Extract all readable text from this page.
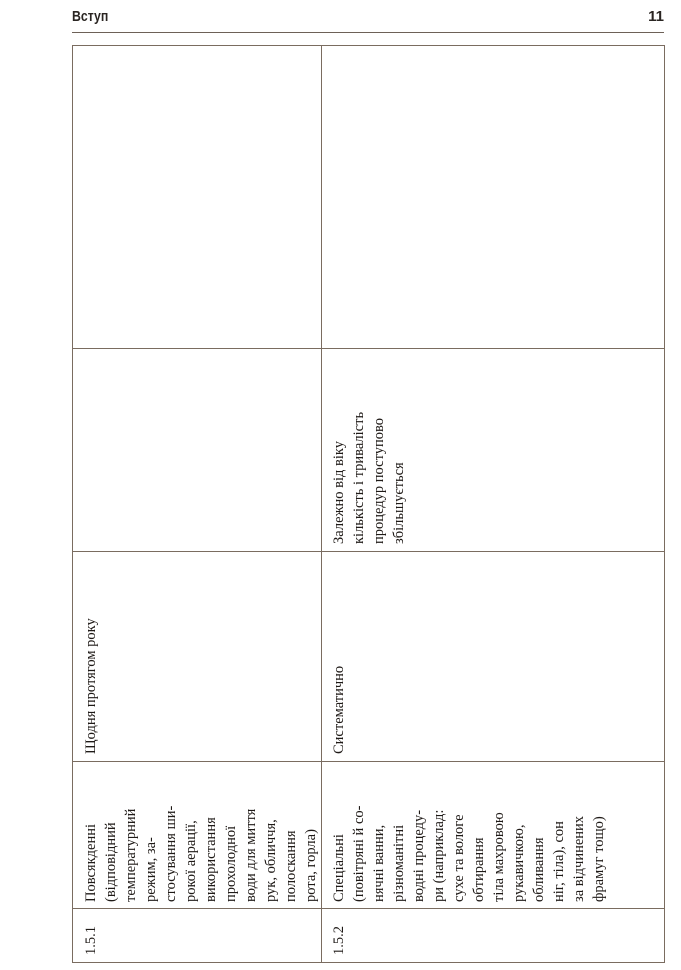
Вступ	11
1.5.1
Повсякденні (відповідний температурний режим, за- стосування ши- рокої аерації, використання прохолодної води для миття рук, обличчя, полоскання рота, горла)
Щодня протягом року
1.5.2
Спеціальні (повітряні й со- нячні ванни, різноманітні водні процеду- ри (наприклад: сухе та вологе обтирання тіла махровою рукавичкою, обливання ніг, тіла), сон за відчинених фрамуг тощо)
Систематично
Залежно від віку кількість і тривалість процедур поступово збільшується
